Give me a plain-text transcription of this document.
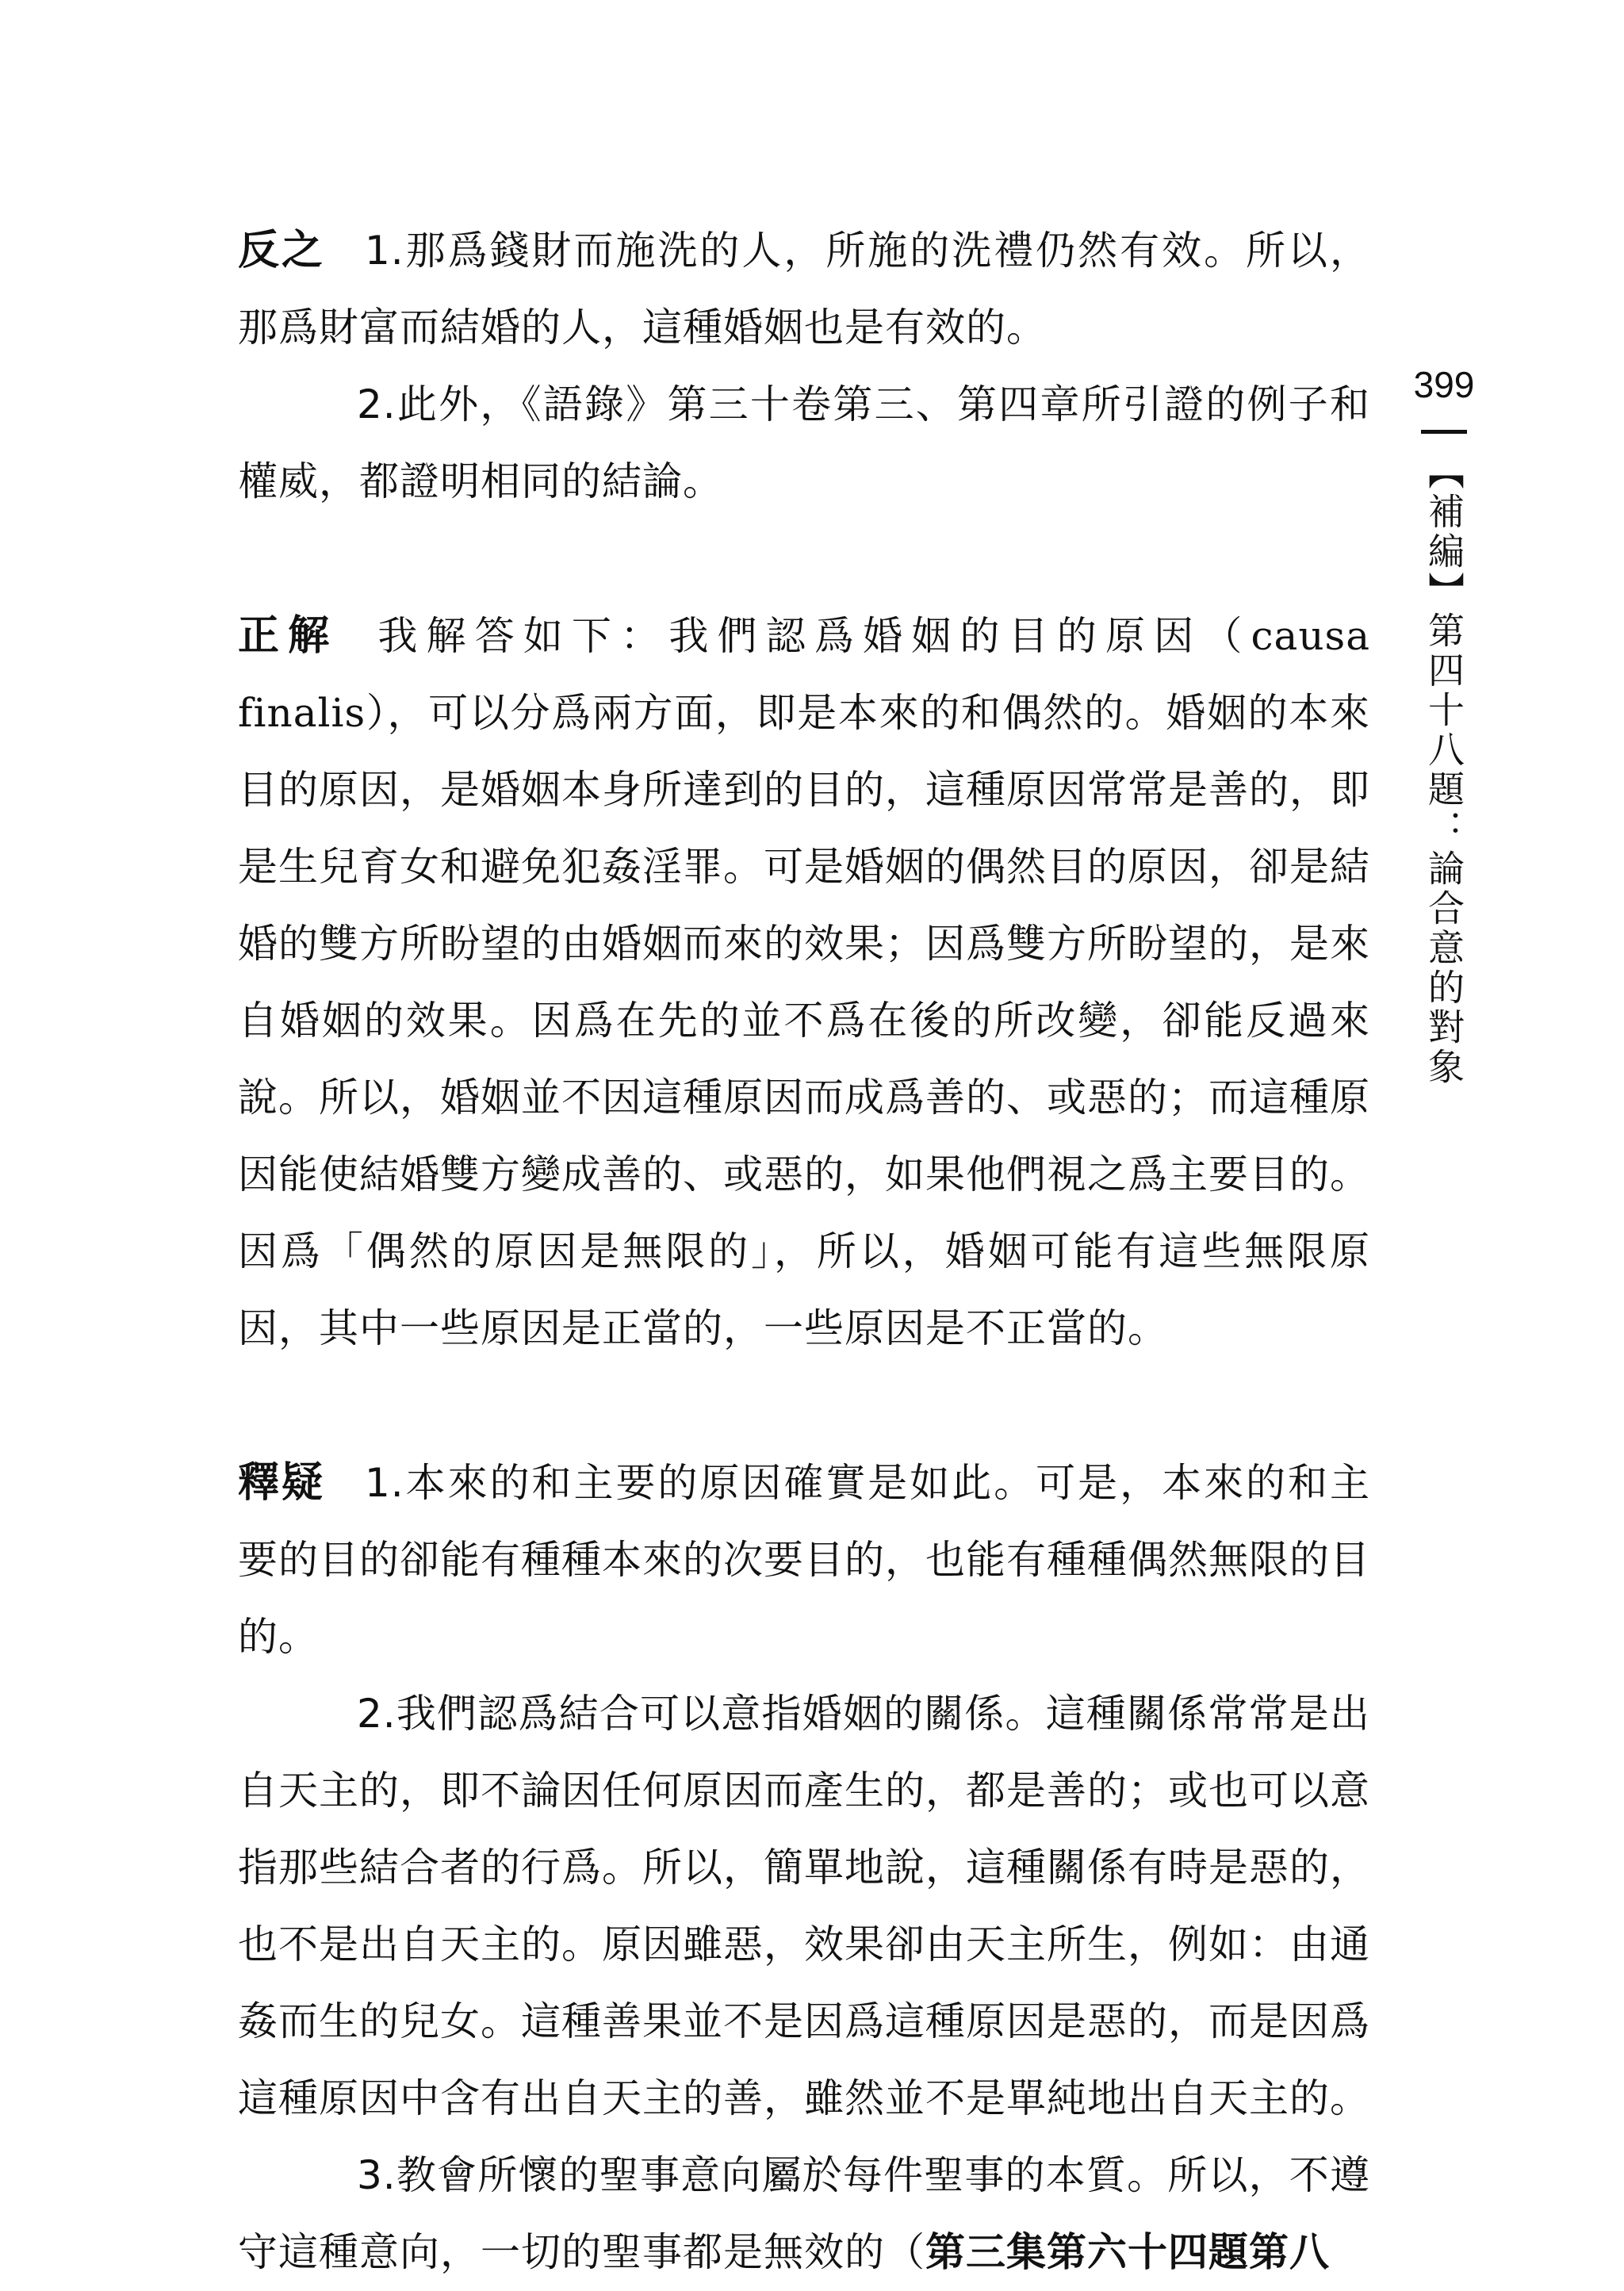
反之 1.那爲錢財而施洗的人，所施的洗禮仍然有效。所以，那爲財富而結婚的人，這種婚姻也是有效的。

2.此外，《語錄》第三十卷第三、第四章所引證的例子和權威，都證明相同的結論。

正解 我解答如下：我們認爲婚姻的目的原因（causa finalis），可以分爲兩方面，即是本來的和偶然的。婚姻的本來目的原因，是婚姻本身所達到的目的，這種原因常常是善的，即是生兒育女和避免犯姦淫罪。可是婚姻的偶然目的原因，卻是結婚的雙方所盼望的由婚姻而來的效果；因爲雙方所盼望的，是來自婚姻的效果。因爲在先的並不爲在後的所改變，卻能反過來說。所以，婚姻並不因這種原因而成爲善的、或惡的；而這種原因能使結婚雙方變成善的、或惡的，如果他們視之爲主要目的。因爲「偶然的原因是無限的」，所以，婚姻可能有這些無限原因，其中一些原因是正當的，一些原因是不正當的。

釋疑 1.本來的和主要的原因確實是如此。可是，本來的和主要的目的卻能有種種本來的次要目的，也能有種種偶然無限的目的。

2.我們認爲結合可以意指婚姻的關係。這種關係常常是出自天主的，即不論因任何原因而產生的，都是善的；或也可以意指那些結合者的行爲。所以，簡單地說，這種關係有時是惡的，也不是出自天主的。原因雖惡，效果卻由天主所生，例如：由通姦而生的兒女。這種善果並不是因爲這種原因是惡的，而是因爲這種原因中含有出自天主的善，雖然並不是單純地出自天主的。

3.教會所懷的聖事意向屬於每件聖事的本質。所以，不遵守這種意向，一切的聖事都是無效的（第三集第六十四題第八

399
【補編】第四十八題：論合意的對象
